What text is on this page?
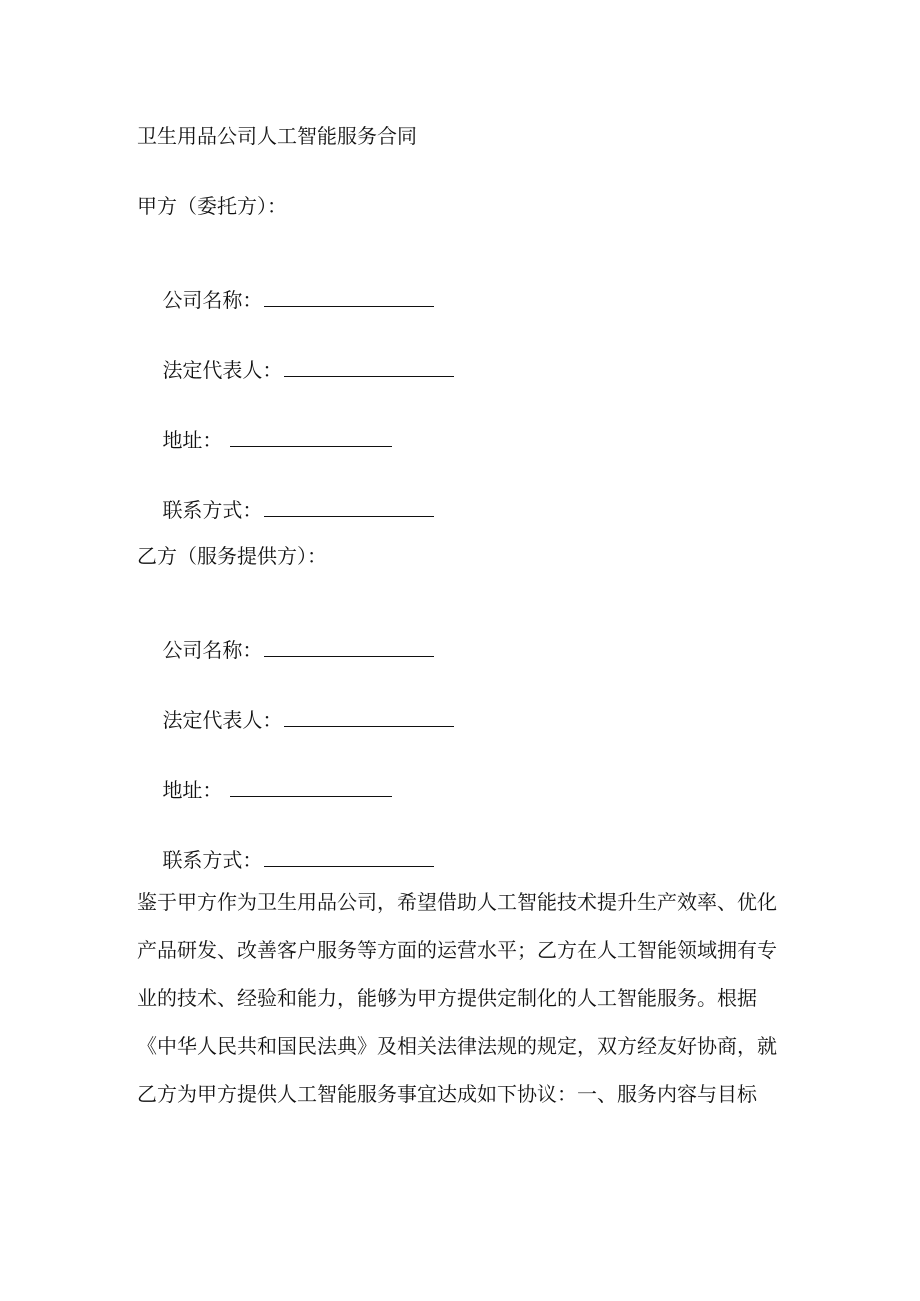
卫生用品公司人工智能服务合同
甲方（委托方）：

公司名称：

法定代表人：

地址：

联系方式：

乙方（服务提供方）：

公司名称：

法定代表人：

地址：

联系方式：

鉴于甲方作为卫生用品公司，希望借助人工智能技术提升生产效率、优化
产品研发、改善客户服务等方面的运营水平；乙方在人工智能领域拥有专
业的技术、经验和能力，能够为甲方提供定制化的人工智能服务。根据
《中华人民共和国民法典》及相关法律法规的规定，双方经友好协商，就
乙方为甲方提供人工智能服务事宜达成如下协议：一、服务内容与目标
